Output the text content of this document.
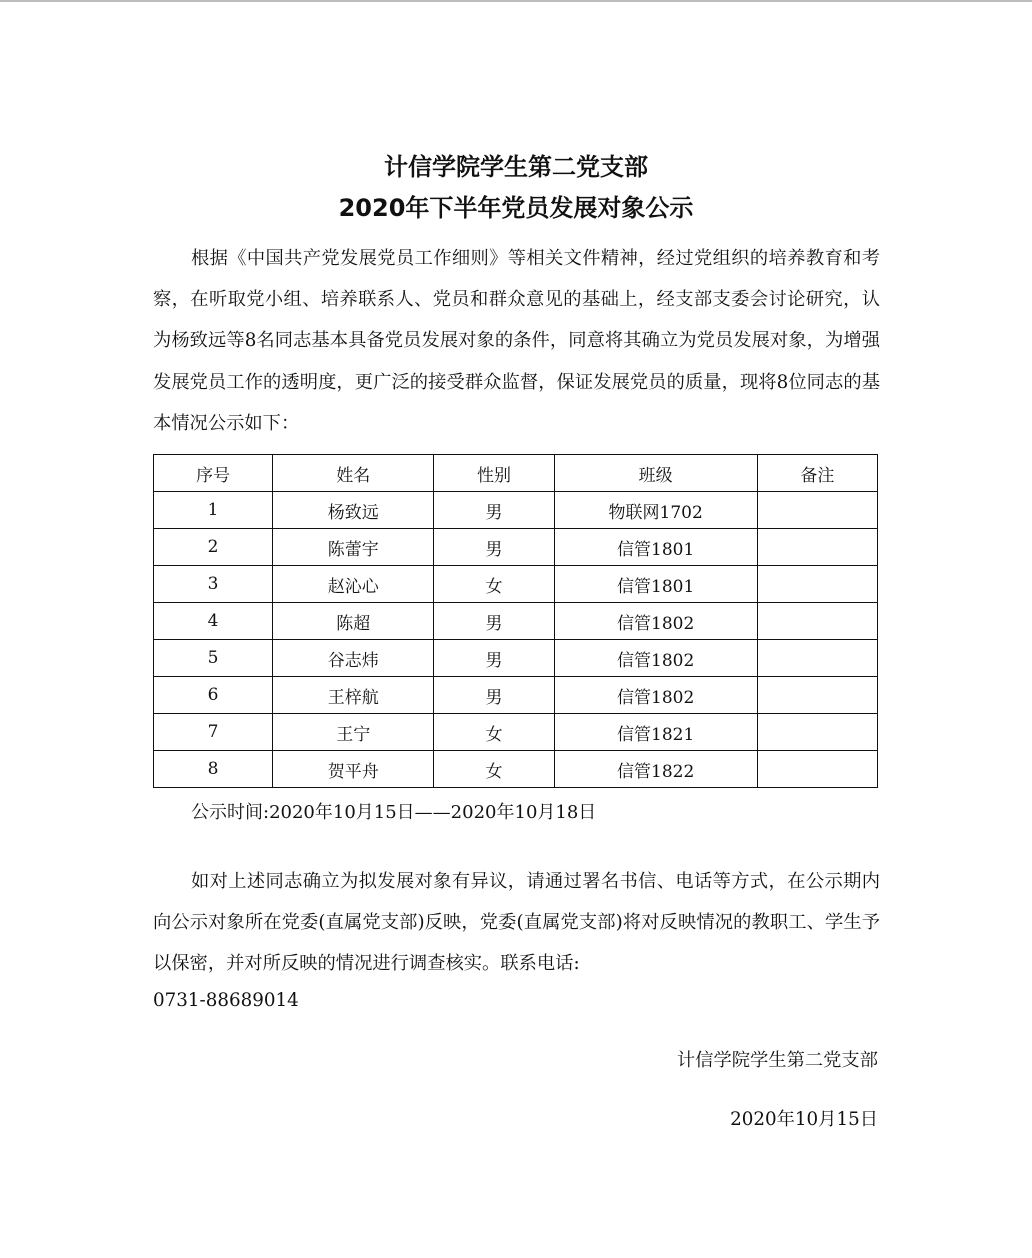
计信学院学生第二党支部
2020年下半年党员发展对象公示

根据《中国共产党发展党员工作细则》等相关文件精神，经过党组织的培养教育和考察，在听取党小组、培养联系人、党员和群众意见的基础上，经支部支委会讨论研究，认为杨致远等8名同志基本具备党员发展对象的条件，同意将其确立为党员发展对象，为增强发展党员工作的透明度，更广泛的接受群众监督，保证发展党员的质量，现将8位同志的基本情况公示如下：

序号	姓名	性别	班级	备注
1	杨致远	男	物联网1702	
2	陈蕾宇	男	信管1801	
3	赵沁心	女	信管1801	
4	陈超	男	信管1802	
5	谷志炜	男	信管1802	
6	王梓航	男	信管1802	
7	王宁	女	信管1821	
8	贺平舟	女	信管1822	
公示时间:2020年10月15日——2020年10月18日

如对上述同志确立为拟发展对象有异议，请通过署名书信、电话等方式，在公示期内向公示对象所在党委(直属党支部)反映，党委(直属党支部)将对反映情况的教职工、学生予以保密，并对所反映的情况进行调查核实。联系电话:

0731-88689014
计信学院学生第二党支部
2020年10月15日
